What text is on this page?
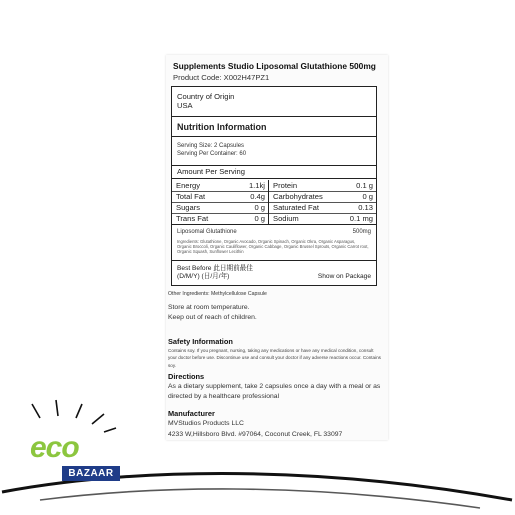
Supplements Studio Liposomal Glutathione 500mg
Product Code: X002H47PZ1
Country of Origin
USA
Nutrition Information
Serving Size: 2 Capsules
Serving Per Container: 60
Amount Per Serving
Energy	1.1kj Protein	0.1 g
Total Fat	0.4g Carbohydrates	0 g
Sugars	0 g Saturated Fat	0.13
Trans Fat	0 g Sodium	0.1 mg
Liposomal Glutathione	500mg
Ingredients: Glutathione, Organic Avocado, Organic Spinach, Organic Okra, Organic Asparagus, Organic Broccoli, Organic Cauliflower, Organic Cabbage, Organic Brussel Sprouts, Organic Carrot root, Organic Squash, Sunflower Lecithin
Best Before 此日期前最佳
(D/M/Y) (日/月/年)	Show on Package
Other Ingredients: Methylcellulose Capsule
Store at room temperature.
Keep out of reach of children.
Safety Information
Contains soy. If you pregnant, nursing, taking any medications or have any medical condition, consult your doctor before use. Discontinue use and consult your doctor if any adverse reactions occur. Contains soy.
Directions
As a dietary supplement, take 2 capsules once a day with a meal or as
directed by a healthcare professional
Manufacturer
MVStudios Products LLC
4233 W,Hillsboro Blvd. #97064, Coconut Creek, FL 33097
eco
BAZAAR
